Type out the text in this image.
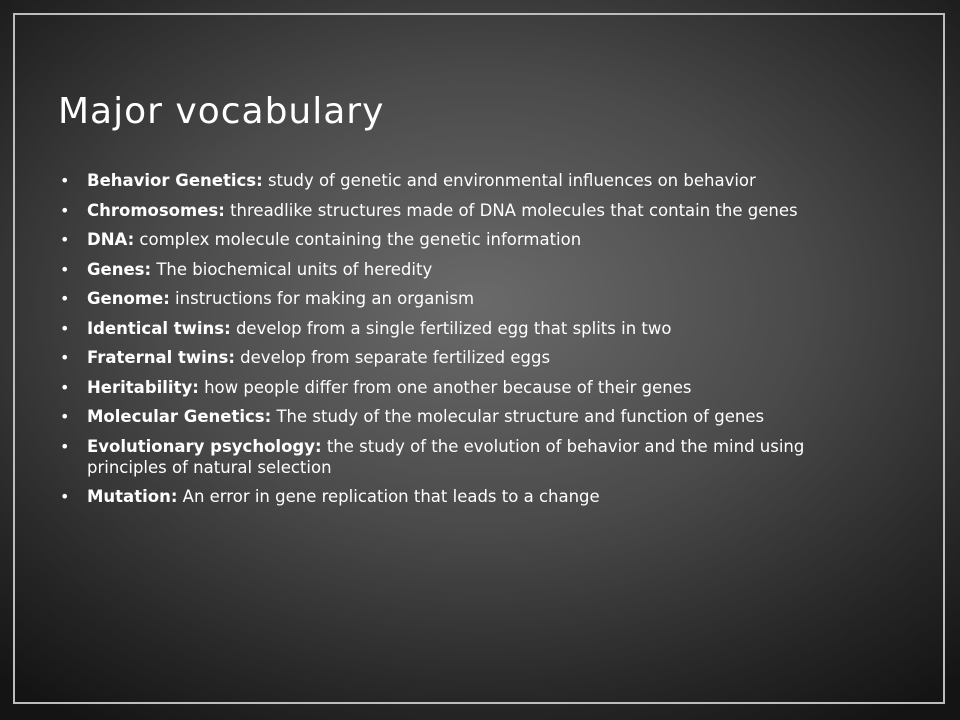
Major vocabulary
• Behavior Genetics: study of genetic and environmental influences on behavior
• Chromosomes: threadlike structures made of DNA molecules that contain the genes
• DNA: complex molecule containing the genetic information
• Genes: The biochemical units of heredity
• Genome: instructions for making an organism
• Identical twins: develop from a single fertilized egg that splits in two
• Fraternal twins: develop from separate fertilized eggs
• Heritability: how people differ from one another because of their genes
• Molecular Genetics: The study of the molecular structure and function of genes
• Evolutionary psychology: the study of the evolution of behavior and the mind using principles of natural selection
• Mutation: An error in gene replication that leads to a change
